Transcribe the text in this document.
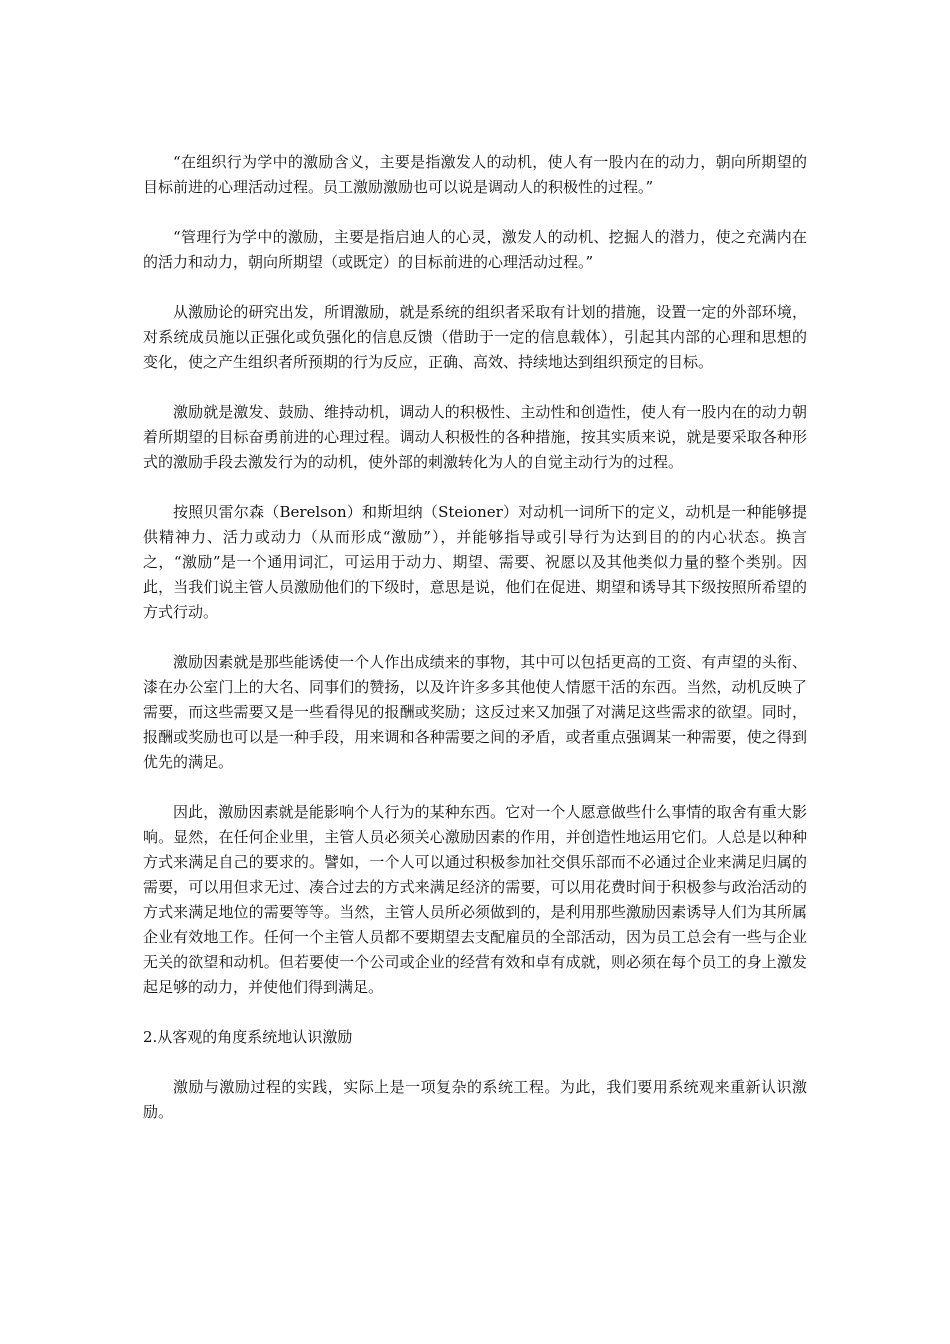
“在组织行为学中的激励含义，主要是指激发人的动机，使人有一股内在的动力，朝向所期望的目标前进的心理活动过程。员工激励激励也可以说是调动人的积极性的过程。”

“管理行为学中的激励，主要是指启迪人的心灵，激发人的动机、挖掘人的潜力，使之充满内在的活力和动力，朝向所期望（或既定）的目标前进的心理活动过程。”

从激励论的研究出发，所谓激励，就是系统的组织者采取有计划的措施，设置一定的外部环境，对系统成员施以正强化或负强化的信息反馈（借助于一定的信息载体），引起其内部的心理和思想的变化，使之产生组织者所预期的行为反应，正确、高效、持续地达到组织预定的目标。

激励就是激发、鼓励、维持动机，调动人的积极性、主动性和创造性，使人有一股内在的动力朝着所期望的目标奋勇前进的心理过程。调动人积极性的各种措施，按其实质来说，就是要采取各种形式的激励手段去激发行为的动机，使外部的刺激转化为人的自觉主动行为的过程。

按照贝雷尔森（Berelson）和斯坦纳（Steioner）对动机一词所下的定义，动机是一种能够提供精神力、活力或动力（从而形成“激励”），并能够指导或引导行为达到目的的内心状态。换言之，“激励”是一个通用词汇，可运用于动力、期望、需要、祝愿以及其他类似力量的整个类别。因此，当我们说主管人员激励他们的下级时，意思是说，他们在促进、期望和诱导其下级按照所希望的方式行动。

激励因素就是那些能诱使一个人作出成绩来的事物，其中可以包括更高的工资、有声望的头衔、漆在办公室门上的大名、同事们的赞扬，以及许许多多其他使人情愿干活的东西。当然，动机反映了需要，而这些需要又是一些看得见的报酬或奖励；这反过来又加强了对满足这些需求的欲望。同时，报酬或奖励也可以是一种手段，用来调和各种需要之间的矛盾，或者重点强调某一种需要，使之得到优先的满足。

因此，激励因素就是能影响个人行为的某种东西。它对一个人愿意做些什么事情的取舍有重大影响。显然，在任何企业里，主管人员必须关心激励因素的作用，并创造性地运用它们。人总是以种种方式来满足自己的要求的。譬如，一个人可以通过积极参加社交俱乐部而不必通过企业来满足归属的需要，可以用但求无过、凑合过去的方式来满足经济的需要，可以用花费时间于积极参与政治活动的方式来满足地位的需要等等。当然，主管人员所必须做到的，是利用那些激励因素诱导人们为其所属企业有效地工作。任何一个主管人员都不要期望去支配雇员的全部活动，因为员工总会有一些与企业无关的欲望和动机。但若要使一个公司或企业的经营有效和卓有成就，则必须在每个员工的身上激发起足够的动力，并使他们得到满足。

2.从客观的角度系统地认识激励

激励与激励过程的实践，实际上是一项复杂的系统工程。为此，我们要用系统观来重新认识激励。
